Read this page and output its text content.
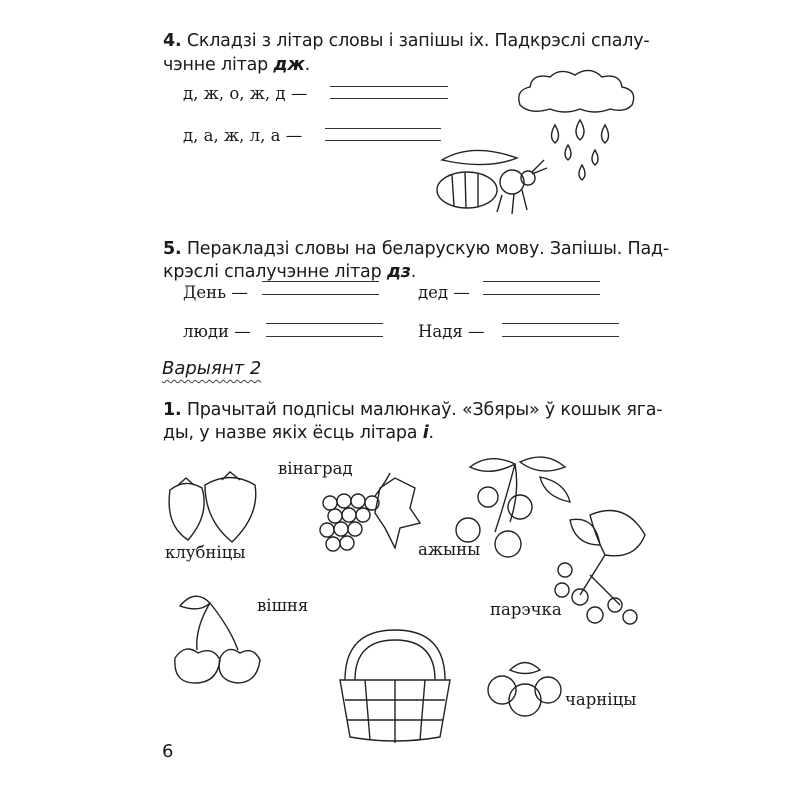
4. Складзі з літар словы і запішы іх. Падкрэслі спалу-
чэнне літар дж.
д, ж, о, ж, д —
д, а, ж, л, а —
5. Перакладзі словы на беларускую мову. Запішы. Пад-
крэслі спалучэнне літар дз.
День —	дед —
люди —	Надя —
Варыянт 2
1. Прачытай подпісы малюнкаў. «Збяры» ў кошык яга-
ды, у назве якіх ёсць літара і.
клубніцы
вінаград
ажыны
парэчка
вішня
чарніцы
6
